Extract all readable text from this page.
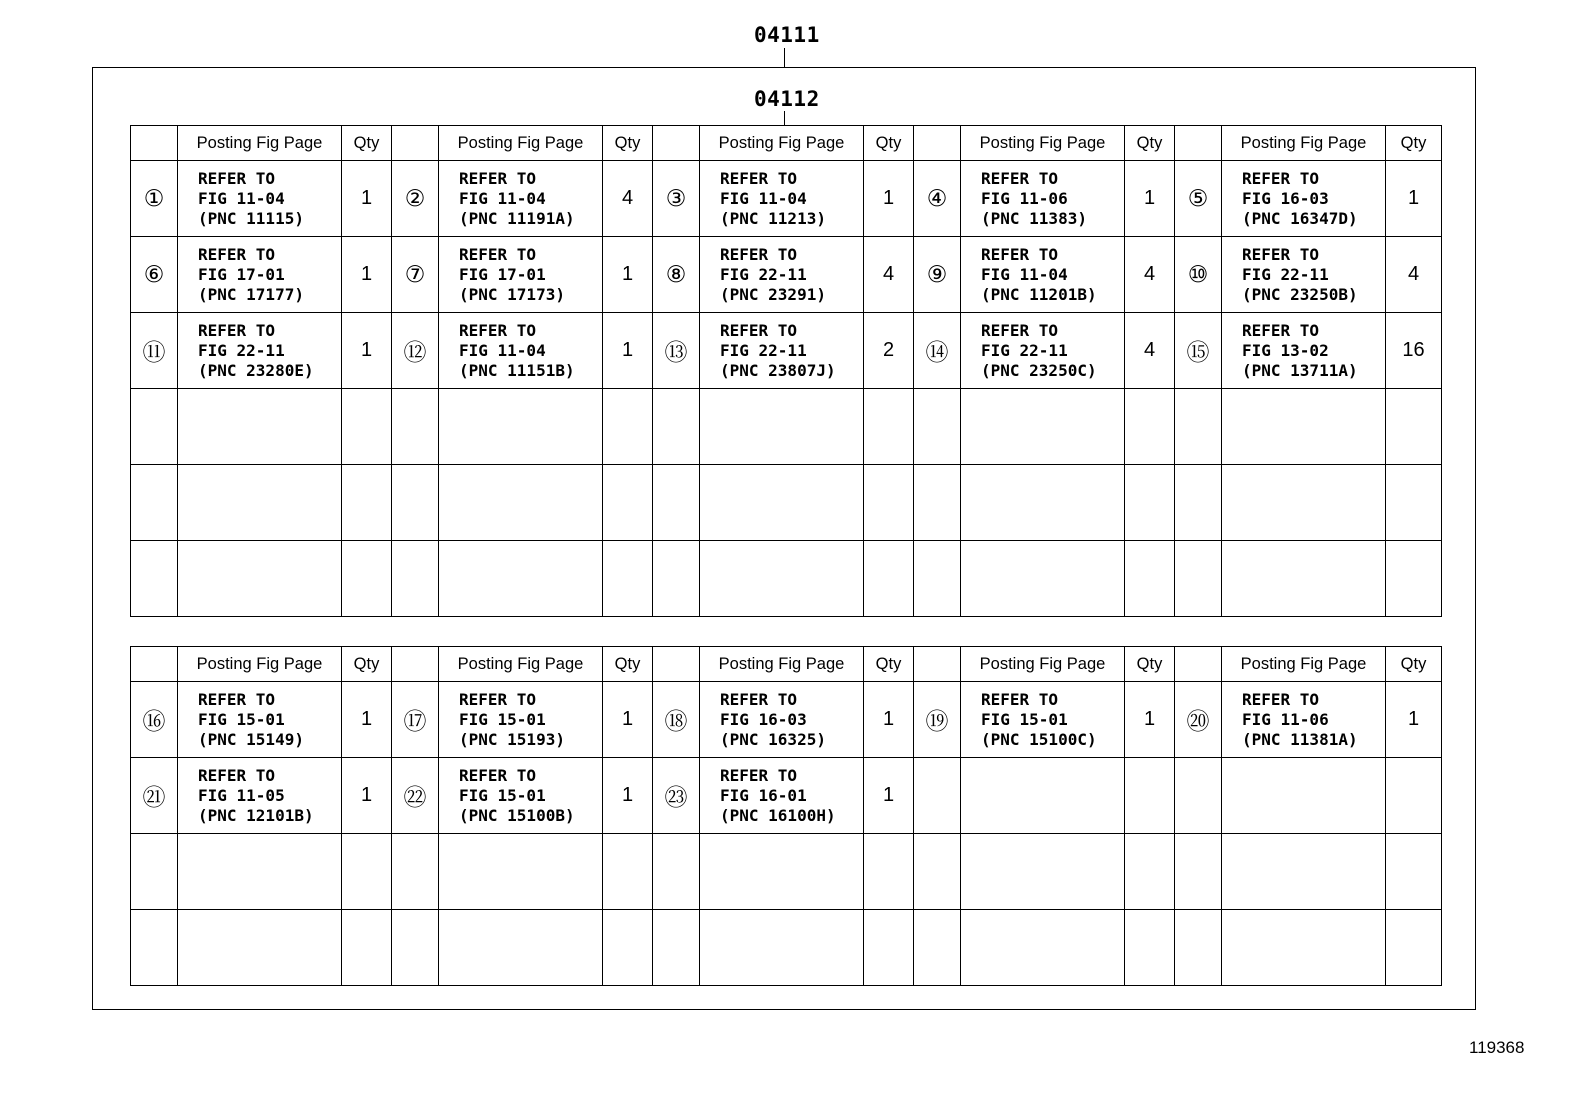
04111
04112
	Posting Fig Page	Qty		Posting Fig Page	Qty		Posting Fig Page	Qty		Posting Fig Page	Qty		Posting Fig Page	Qty
①	REFER TO
FIG 11-04
(PNC 11115)	1	②	REFER TO
FIG 11-04
(PNC 11191A)	4	③	REFER TO
FIG 11-04
(PNC 11213)	1	④	REFER TO
FIG 11-06
(PNC 11383)	1	⑤	REFER TO
FIG 16-03
(PNC 16347D)	1
⑥	REFER TO
FIG 17-01
(PNC 17177)	1	⑦	REFER TO
FIG 17-01
(PNC 17173)	1	⑧	REFER TO
FIG 22-11
(PNC 23291)	4	⑨	REFER TO
FIG 11-04
(PNC 11201B)	4	⑩	REFER TO
FIG 22-11
(PNC 23250B)	4
⑪	REFER TO
FIG 22-11
(PNC 23280E)	1	⑫	REFER TO
FIG 11-04
(PNC 11151B)	1	⑬	REFER TO
FIG 22-11
(PNC 23807J)	2	⑭	REFER TO
FIG 22-11
(PNC 23250C)	4	⑮	REFER TO
FIG 13-02
(PNC 13711A)	16

	Posting Fig Page	Qty		Posting Fig Page	Qty		Posting Fig Page	Qty		Posting Fig Page	Qty		Posting Fig Page	Qty
⑯	REFER TO
FIG 15-01
(PNC 15149)	1	⑰	REFER TO
FIG 15-01
(PNC 15193)	1	⑱	REFER TO
FIG 16-03
(PNC 16325)	1	⑲	REFER TO
FIG 15-01
(PNC 15100C)	1	⑳	REFER TO
FIG 11-06
(PNC 11381A)	1
㉑	REFER TO
FIG 11-05
(PNC 12101B)	1	㉒	REFER TO
FIG 15-01
(PNC 15100B)	1	㉓	REFER TO
FIG 16-01
(PNC 16100H)	1		

119368
